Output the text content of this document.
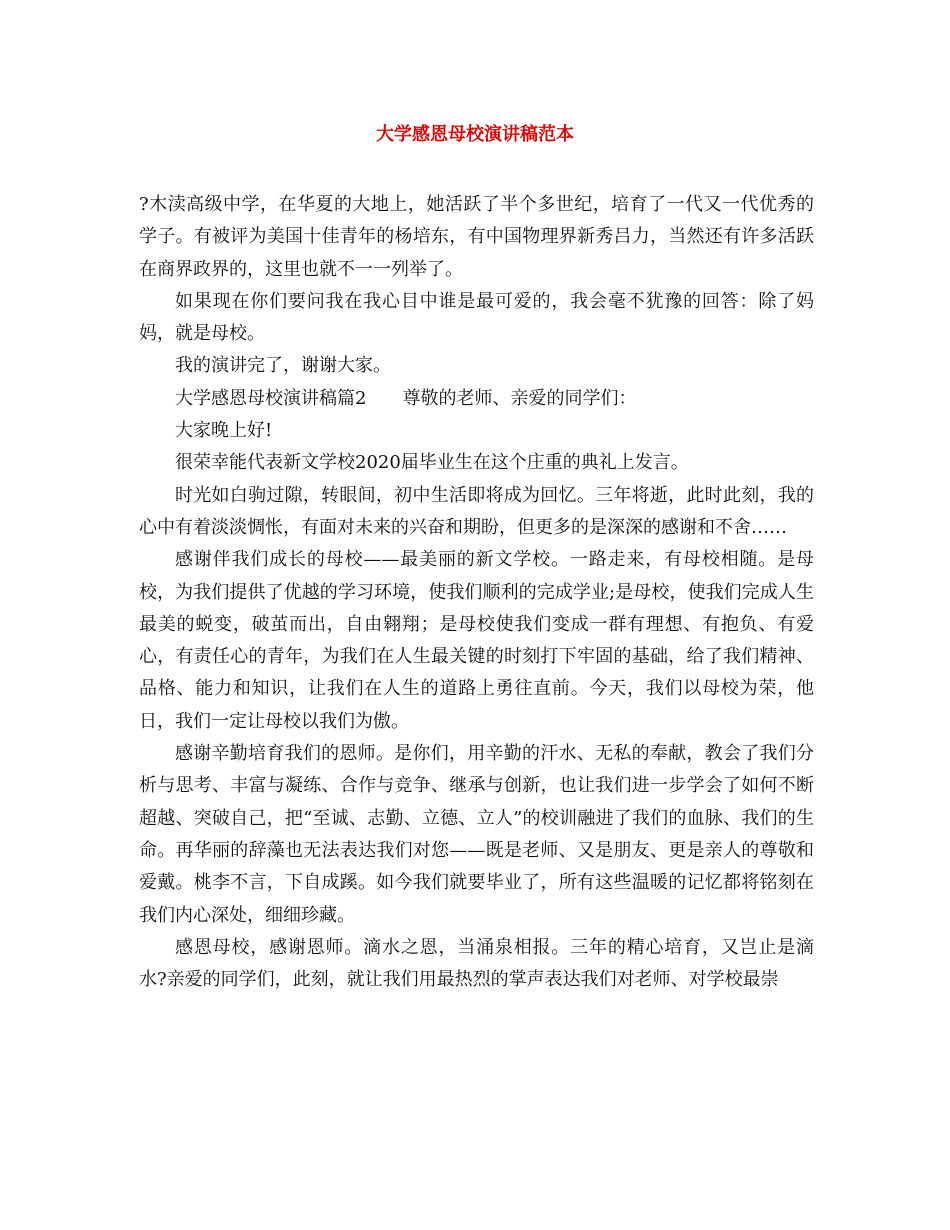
大学感恩母校演讲稿范本

?木渎高级中学，在华夏的大地上，她活跃了半个多世纪，培育了一代又一代优秀的学子。有被评为美国十佳青年的杨培东，有中国物理界新秀吕力，当然还有许多活跃在商界政界的，这里也就不一一列举了。

如果现在你们要问我在我心目中谁是最可爱的，我会毫不犹豫的回答：除了妈妈，就是母校。

我的演讲完了，谢谢大家。

大学感恩母校演讲稿篇2　　尊敬的老师、亲爱的同学们：

大家晚上好!

很荣幸能代表新文学校2020届毕业生在这个庄重的典礼上发言。

时光如白驹过隙，转眼间，初中生活即将成为回忆。三年将逝，此时此刻，我的心中有着淡淡惆怅，有面对未来的兴奋和期盼，但更多的是深深的感谢和不舍……

感谢伴我们成长的母校——最美丽的新文学校。一路走来，有母校相随。是母校，为我们提供了优越的学习环境，使我们顺利的完成学业;是母校，使我们完成人生最美的蜕变，破茧而出，自由翱翔；是母校使我们变成一群有理想、有抱负、有爱心，有责任心的青年，为我们在人生最关键的时刻打下牢固的基础，给了我们精神、品格、能力和知识，让我们在人生的道路上勇往直前。今天，我们以母校为荣，他日，我们一定让母校以我们为傲。

感谢辛勤培育我们的恩师。是你们，用辛勤的汗水、无私的奉献，教会了我们分析与思考、丰富与凝练、合作与竞争、继承与创新，也让我们进一步学会了如何不断超越、突破自己，把“至诚、志勤、立德、立人”的校训融进了我们的血脉、我们的生命。再华丽的辞藻也无法表达我们对您——既是老师、又是朋友、更是亲人的尊敬和爱戴。桃李不言，下自成蹊。如今我们就要毕业了，所有这些温暖的记忆都将铭刻在我们内心深处，细细珍藏。

感恩母校，感谢恩师。滴水之恩，当涌泉相报。三年的精心培育，又岂止是滴水?亲爱的同学们，此刻，就让我们用最热烈的掌声表达我们对老师、对学校最崇
